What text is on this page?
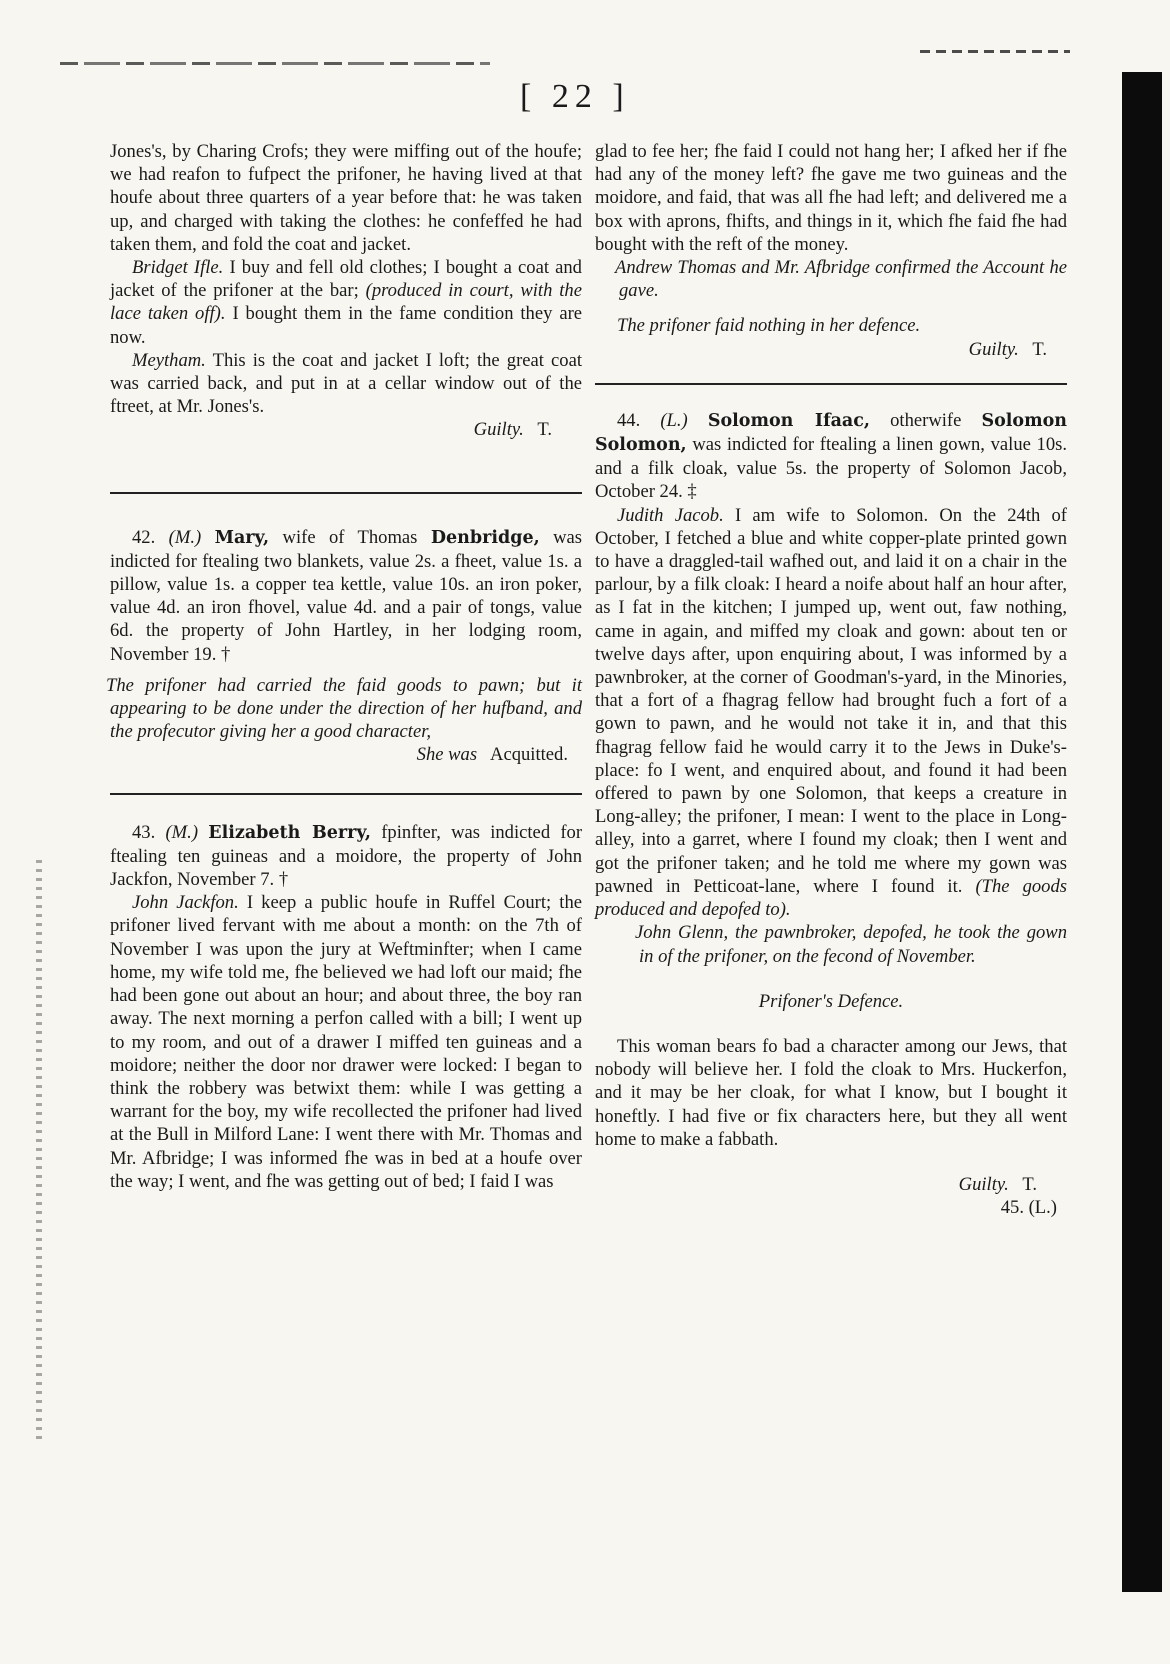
[ 22 ]

Jones's, by Charing Crofs; they were miffing out of the houfe; we had reafon to fufpect the prifoner, he having lived at that houfe about three quarters of a year before that: he was taken up, and charged with taking the clothes: he confeffed he had taken them, and fold the coat and jacket.

Bridget Ifle. I buy and fell old clothes; I bought a coat and jacket of the prifoner at the bar; (produced in court, with the lace taken off). I bought them in the fame condition they are now.

Meytham. This is the coat and jacket I loft; the great coat was carried back, and put in at a cellar window out of the ftreet, at Mr. Jones's.

Guilty. T.

42. (M.) Mary, wife of Thomas Denbridge, was indicted for ftealing two blankets, value 2s. a fheet, value 1s. a pillow, value 1s. a copper tea kettle, value 10s. an iron poker, value 4d. an iron fhovel, value 4d. and a pair of tongs, value 6d. the property of John Hartley, in her lodging room, November 19. †

The prifoner had carried the faid goods to pawn; but it appearing to be done under the direction of her hufband, and the profecutor giving her a good character,

She was Acquitted.

43. (M.) Elizabeth Berry, fpinfter, was indicted for ftealing ten guineas and a moidore, the property of John Jackfon, November 7. †

John Jackfon. I keep a public houfe in Ruffel Court; the prifoner lived fervant with me about a month: on the 7th of November I was upon the jury at Weftminfter; when I came home, my wife told me, fhe believed we had loft our maid; fhe had been gone out about an hour; and about three, the boy ran away. The next morning a perfon called with a bill; I went up to my room, and out of a drawer I miffed ten guineas and a moidore; neither the door nor drawer were locked: I began to think the robbery was betwixt them: while I was getting a warrant for the boy, my wife recollected the prifoner had lived at the Bull in Milford Lane: I went there with Mr. Thomas and Mr. Afbridge; I was informed fhe was in bed at a houfe over the way; I went, and fhe was getting out of bed; I faid I was

glad to fee her; fhe faid I could not hang her; I afked her if fhe had any of the money left? fhe gave me two guineas and the moidore, and faid, that was all fhe had left; and delivered me a box with aprons, fhifts, and things in it, which fhe faid fhe had bought with the reft of the money.

Andrew Thomas and Mr. Afbridge confirmed the Account he gave.

The prifoner faid nothing in her defence.

Guilty. T.

44. (L.) Solomon Ifaac, otherwife Solomon Solomon, was indicted for ftealing a linen gown, value 10s. and a filk cloak, value 5s. the property of Solomon Jacob, October 24. ‡

Judith Jacob. I am wife to Solomon. On the 24th of October, I fetched a blue and white copper-plate printed gown to have a draggled-tail wafhed out, and laid it on a chair in the parlour, by a filk cloak: I heard a noife about half an hour after, as I fat in the kitchen; I jumped up, went out, faw nothing, came in again, and miffed my cloak and gown: about ten or twelve days after, upon enquiring about, I was informed by a pawnbroker, at the corner of Goodman's-yard, in the Minories, that a fort of a fhagrag fellow had brought fuch a fort of a gown to pawn, and he would not take it in, and that this fhagrag fellow faid he would carry it to the Jews in Duke's-place: fo I went, and enquired about, and found it had been offered to pawn by one Solomon, that keeps a creature in Long-alley; the prifoner, I mean: I went to the place in Long-alley, into a garret, where I found my cloak; then I went and got the prifoner taken; and he told me where my gown was pawned in Petticoat-lane, where I found it. (The goods produced and depofed to).

John Glenn, the pawnbroker, depofed, he took the gown in of the prifoner, on the fecond of November.

Prifoner's Defence.

This woman bears fo bad a character among our Jews, that nobody will believe her. I fold the cloak to Mrs. Huckerfon, and it may be her cloak, for what I know, but I bought it honeftly. I had five or fix characters here, but they all went home to make a fabbath.

Guilty. T.

45. (L.)
